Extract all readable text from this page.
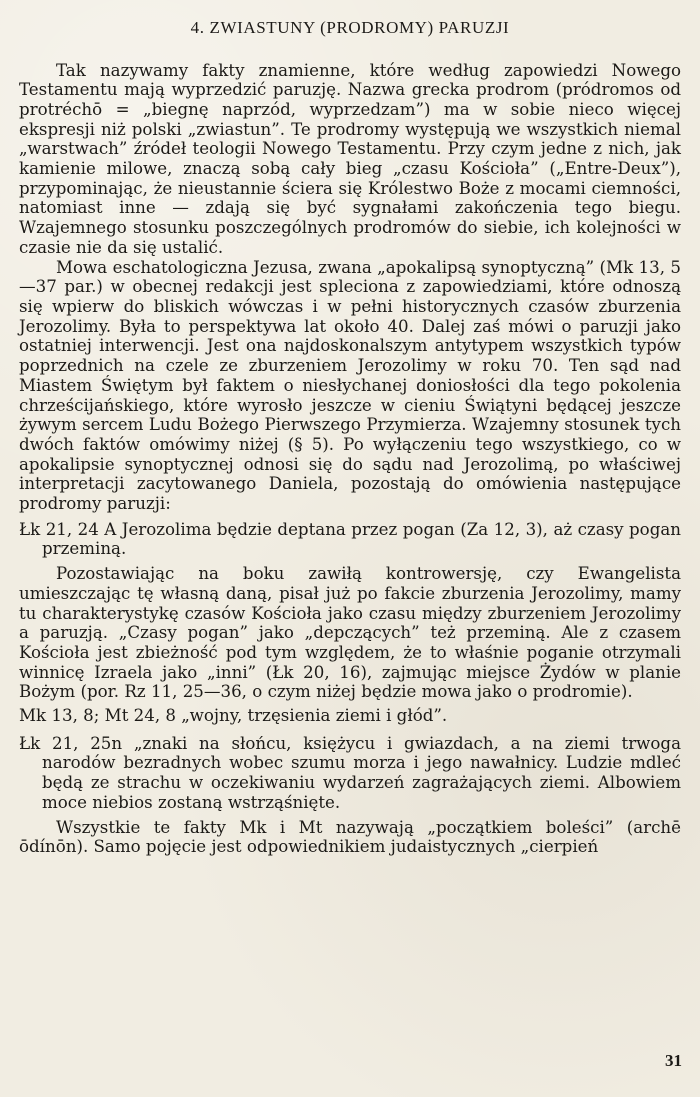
4. ZWIASTUNY (PRODROMY) PARUZJI

Tak nazywamy fakty znamienne, które według zapowiedzi Nowego Testamentu mają wyprzedzić paruzję. Nazwa grecka prodrom (pródromos od protréchō = „biegnę naprzód, wyprzedzam”) ma w sobie nieco więcej ekspresji niż polski „zwiastun”. Te prodromy występują we wszystkich niemal „warstwach” źródeł teologii Nowego Testamentu. Przy czym jedne z nich, jak kamienie milowe, znaczą sobą cały bieg „czasu Kościoła” („Entre-Deux”), przypominając, że nieustannie ściera się Królestwo Boże z mocami ciemności, natomiast inne — zdają się być sygnałami zakończenia tego biegu. Wzajemnego stosunku poszczególnych prodromów do siebie, ich kolejności w czasie nie da się ustalić.

Mowa eschatologiczna Jezusa, zwana „apokalipsą synoptyczną” (Mk 13, 5—37 par.) w obecnej redakcji jest spleciona z zapowiedziami, które odnoszą się wpierw do bliskich wówczas i w pełni historycznych czasów zburzenia Jerozolimy. Była to perspektywa lat około 40. Dalej zaś mówi o paruzji jako ostatniej interwencji. Jest ona najdoskonalszym antytypem wszystkich typów poprzednich na czele ze zburzeniem Jerozolimy w roku 70. Ten sąd nad Miastem Świętym był faktem o niesłychanej doniosłości dla tego pokolenia chrześcijańskiego, które wyrosło jeszcze w cieniu Świątyni będącej jeszcze żywym sercem Ludu Bożego Pierwszego Przymierza. Wzajemny stosunek tych dwóch faktów omówimy niżej (§ 5). Po wyłączeniu tego wszystkiego, co w apokalipsie synoptycznej odnosi się do sądu nad Jerozolimą, po właściwej interpretacji zacytowanego Daniela, pozostają do omówienia następujące prodromy paruzji:

Łk 21, 24 A Jerozolima będzie deptana przez pogan (Za 12, 3), aż czasy pogan przeminą.

Pozostawiając na boku zawiłą kontrowersję, czy Ewangelista umieszczając tę własną daną, pisał już po fakcie zburzenia Jerozolimy, mamy tu charakterystykę czasów Kościoła jako czasu między zburzeniem Jerozolimy a paruzją. „Czasy pogan” jako „depczących” też przeminą. Ale z czasem Kościoła jest zbieżność pod tym względem, że to właśnie poganie otrzymali winnicę Izraela jako „inni” (Łk 20, 16), zajmując miejsce Żydów w planie Bożym (por. Rz 11, 25—36, o czym niżej będzie mowa jako o prodromie).

Mk 13, 8; Mt 24, 8 „wojny, trzęsienia ziemi i głód”.

Łk 21, 25n „znaki na słońcu, księżycu i gwiazdach, a na ziemi trwoga narodów bezradnych wobec szumu morza i jego nawałnicy. Ludzie mdleć będą ze strachu w oczekiwaniu wydarzeń zagrażających ziemi. Albowiem moce niebios zostaną wstrząśnięte.

Wszystkie te fakty Mk i Mt nazywają „początkiem boleści” (archē ōdínōn). Samo pojęcie jest odpowiednikiem judaistycznych „cierpień

31
